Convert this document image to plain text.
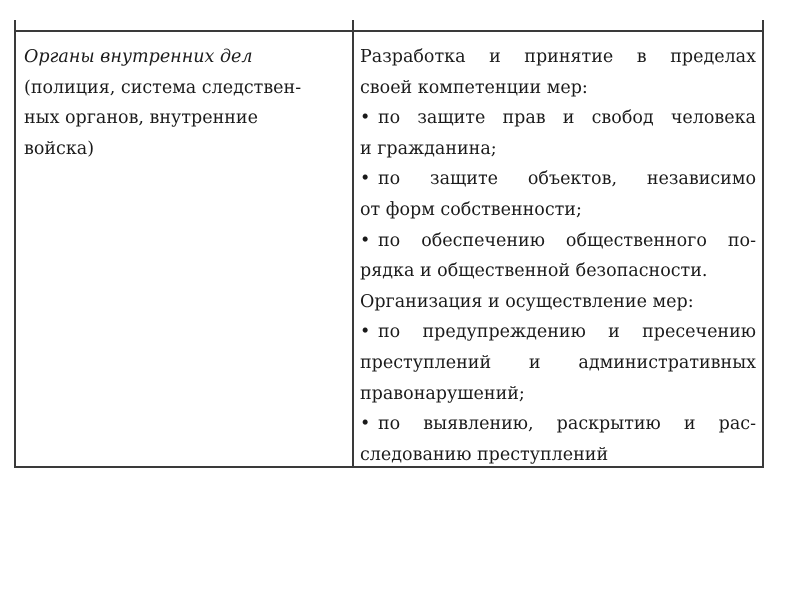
Органы внутренних дел
(полиция, система следствен-
ных органов, внутренние
войска)
Разработка и принятие в пределах
своей компетенции мер:
• по защите прав и свобод человека
и гражданина;
• по защите объектов, независимо
от форм собственности;
• по обеспечению общественного по-
рядка и общественной безопасности.
Организация и осуществление мер:
• по предупреждению и пресечению
преступлений и административных
правонарушений;
• по выявлению, раскрытию и рас-
следованию преступлений
